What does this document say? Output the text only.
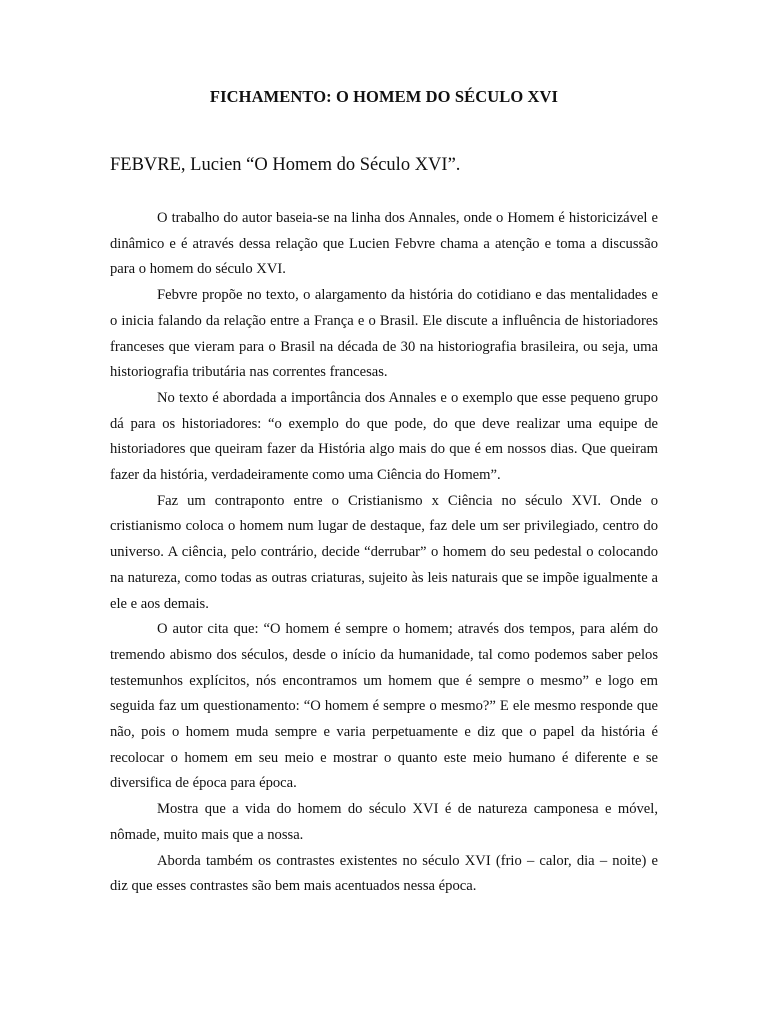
FICHAMENTO: O HOMEM DO SÉCULO XVI
FEBVRE, Lucien “O Homem do Século XVI”.

O trabalho do autor baseia-se na linha dos Annales, onde o Homem é historicizável e dinâmico e é através dessa relação que Lucien Febvre chama a atenção e toma a discussão para o homem do século XVI.

Febvre propõe no texto, o alargamento da história do cotidiano e das mentalidades e o inicia falando da relação entre a França e o Brasil. Ele discute a influência de historiadores franceses que vieram para o Brasil na década de 30 na historiografia brasileira, ou seja, uma historiografia tributária nas correntes francesas.

No texto é abordada a importância dos Annales e o exemplo que esse pequeno grupo dá para os historiadores: “o exemplo do que pode, do que deve realizar uma equipe de historiadores que queiram fazer da História algo mais do que é em nossos dias. Que queiram fazer da história, verdadeiramente como uma Ciência do Homem”.

Faz um contraponto entre o Cristianismo x Ciência no século XVI. Onde o cristianismo coloca o homem num lugar de destaque, faz dele um ser privilegiado, centro do universo. A ciência, pelo contrário, decide “derrubar” o homem do seu pedestal o colocando na natureza, como todas as outras criaturas, sujeito às leis naturais que se impõe igualmente a ele e aos demais.

O autor cita que: “O homem é sempre o homem; através dos tempos, para além do tremendo abismo dos séculos, desde o início da humanidade, tal como podemos saber pelos testemunhos explícitos, nós encontramos um homem que é sempre o mesmo” e logo em seguida faz um questionamento: “O homem é sempre o mesmo?” E ele mesmo responde que não, pois o homem muda sempre e varia perpetuamente e diz que o papel da história é recolocar o homem em seu meio e mostrar o quanto este meio humano é diferente e se diversifica de época para época.

Mostra que a vida do homem do século XVI é de natureza camponesa e móvel, nômade, muito mais que a nossa.

Aborda também os contrastes existentes no século XVI (frio – calor, dia – noite) e diz que esses contrastes são bem mais acentuados nessa época.
